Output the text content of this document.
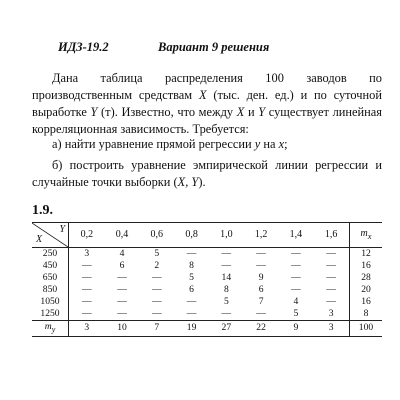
ИДЗ-19.2	Вариант 9 решения
Дана таблица распределения 100 заводов по производственным средствам X (тыс. ден. ед.) и по суточной выработке Y (т). Известно, что между X и Y существует линейная корреляционная зависимость. Требуется:
а) найти уравнение прямой регрессии y на x;
б) построить уравнение эмпирической линии регрессии и случайные точки выборки (X, Y).
1.9.
X
Y	0,2	0,4	0,6	0,8	1,0	1,2	1,4	1,6	$m_x$
250	3	4	5	—	—	—	—	—	12
450	—	6	2	8	—	—	—	—	16
650	—	—	—	5	14	9	—	—	28
850	—	—	—	6	8	6	—	—	20
1050	—	—	—	—	5	7	4	—	16
1250	—	—	—	—	—	—	5	3	8
$m_y$	3	10	7	19	27	22	9	3	100
